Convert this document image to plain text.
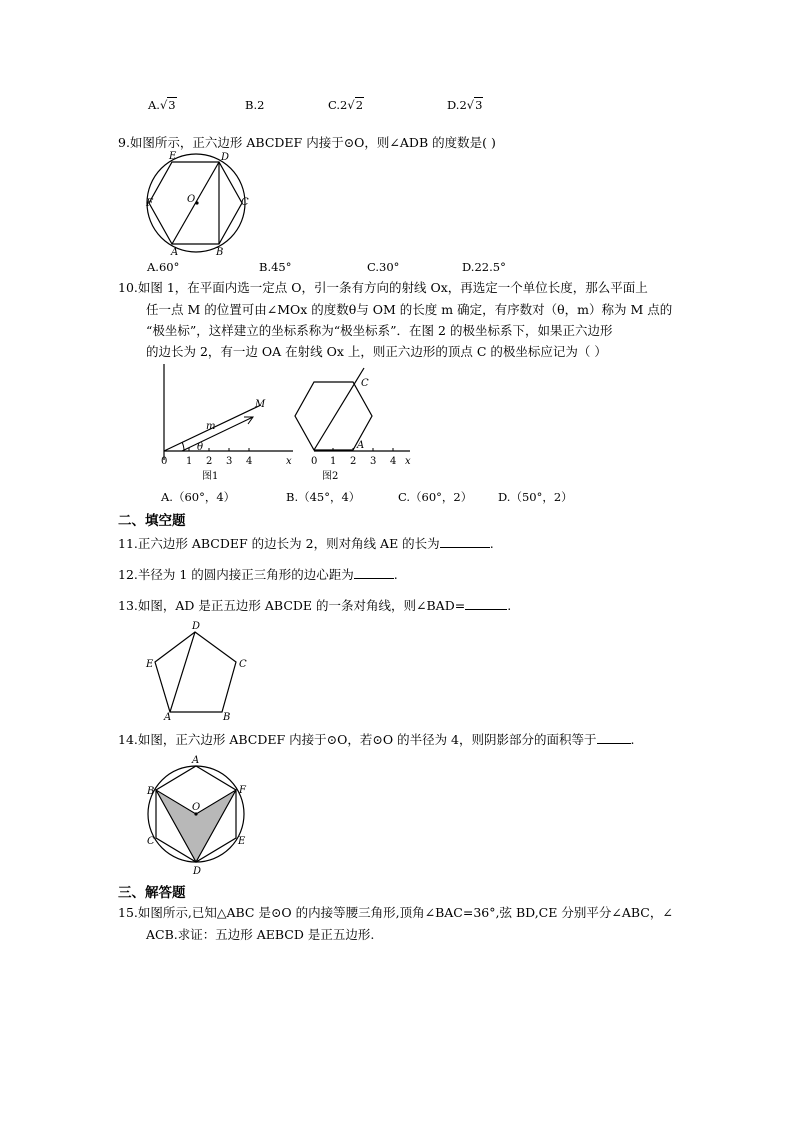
A.√3	B.2	C.2√2	D.2√3
9.如图所示，正六边形 ABCDEF 内接于⊙O，则∠ADB 的度数是( )
E	D
F	O	C
A	B
A.60°	B.45°	C.30°	D.22.5°
10.如图 1，在平面内选一定点 O，引一条有方向的射线 Ox，再选定一个单位长度，那么平面上
任一点 M 的位置可由∠MOx 的度数θ与 OM 的长度 m 确定，有序数对（θ，m）称为 M 点的
“极坐标”，这样建立的坐标系称为“极坐标系”．在图 2 的极坐标系下，如果正六边形
的边长为 2，有一边 OA 在射线 Ox 上，则正六边形的顶点 C 的极坐标应记为（ ）
M
m
θ
0 1 2 3 4	x
图1
C
A
0 1 2 3 4 x
图2
A.（60°，4）	B.（45°，4）	C.（60°，2） D.（50°，2）
二、填空题
11.正六边形 ABCDEF 的边长为 2，则对角线 AE 的长为	.
12.半径为 1 的圆内接正三角形的边心距为	.
13.如图，AD 是正五边形 ABCDE 的一条对角线，则∠BAD=	.
D
E	C
A	B
14.如图，正六边形 ABCDEF 内接于⊙O，若⊙O 的半径为 4，则阴影部分的面积等于	.
A
B	F
O
C	E
D
三、解答题
15.如图所示,已知△ABC 是⊙O 的内接等腰三角形,顶角∠BAC=36°,弦 BD,CE 分别平分∠ABC，∠
ACB.求证：五边形 AEBCD 是正五边形.
